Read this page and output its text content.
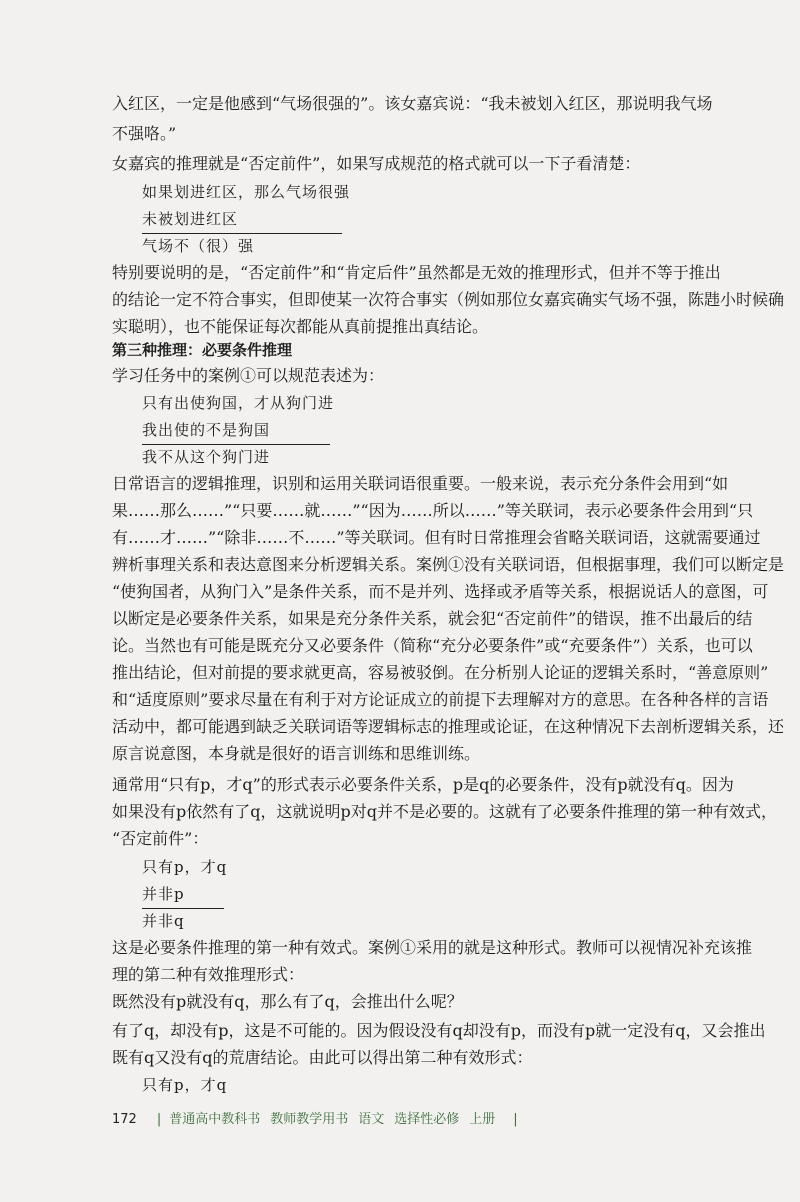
入红区，一定是他感到“气场很强的”。该女嘉宾说：“我未被划入红区，那说明我气场
不强咯。”
女嘉宾的推理就是“否定前件”，如果写成规范的格式就可以一下子看清楚：
如果划进红区，那么气场很强
未被划进红区
气场不（很）强
特别要说明的是，“否定前件”和“肯定后件”虽然都是无效的推理形式，但并不等于推出
的结论一定不符合事实，但即使某一次符合事实（例如那位女嘉宾确实气场不强，陈韪小时候确
实聪明），也不能保证每次都能从真前提推出真结论。
第三种推理：必要条件推理
学习任务中的案例①可以规范表述为：
只有出使狗国，才从狗门进
我出使的不是狗国
我不从这个狗门进
日常语言的逻辑推理，识别和运用关联词语很重要。一般来说，表示充分条件会用到“如
果……那么……”“只要……就……”“因为……所以……”等关联词，表示必要条件会用到“只
有……才……”“除非……不……”等关联词。但有时日常推理会省略关联词语，这就需要通过
辨析事理关系和表达意图来分析逻辑关系。案例①没有关联词语，但根据事理，我们可以断定是
“使狗国者，从狗门入”是条件关系，而不是并列、选择或矛盾等关系，根据说话人的意图，可
以断定是必要条件关系，如果是充分条件关系，就会犯“否定前件”的错误，推不出最后的结
论。当然也有可能是既充分又必要条件（简称“充分必要条件”或“充要条件”）关系，也可以
推出结论，但对前提的要求就更高，容易被驳倒。在分析别人论证的逻辑关系时，“善意原则”
和“适度原则”要求尽量在有利于对方论证成立的前提下去理解对方的意思。在各种各样的言语
活动中，都可能遇到缺乏关联词语等逻辑标志的推理或论证，在这种情况下去剖析逻辑关系，还
原言说意图，本身就是很好的语言训练和思维训练。
通常用“只有p，才q”的形式表示必要条件关系，p是q的必要条件，没有p就没有q。因为
如果没有p依然有了q，这就说明p对q并不是必要的。这就有了必要条件推理的第一种有效式，
“否定前件”：
只有p，才q
并非p
并非q
这是必要条件推理的第一种有效式。案例①采用的就是这种形式。教师可以视情况补充该推
理的第二种有效推理形式：
既然没有p就没有q，那么有了q，会推出什么呢？
有了q，却没有p，这是不可能的。因为假设没有q却没有p，而没有p就一定没有q，又会推出
既有q又没有q的荒唐结论。由此可以得出第二种有效形式：
只有p，才q
172 | 普通高中教科书 教师教学用书 语文 选择性必修 上册 |
